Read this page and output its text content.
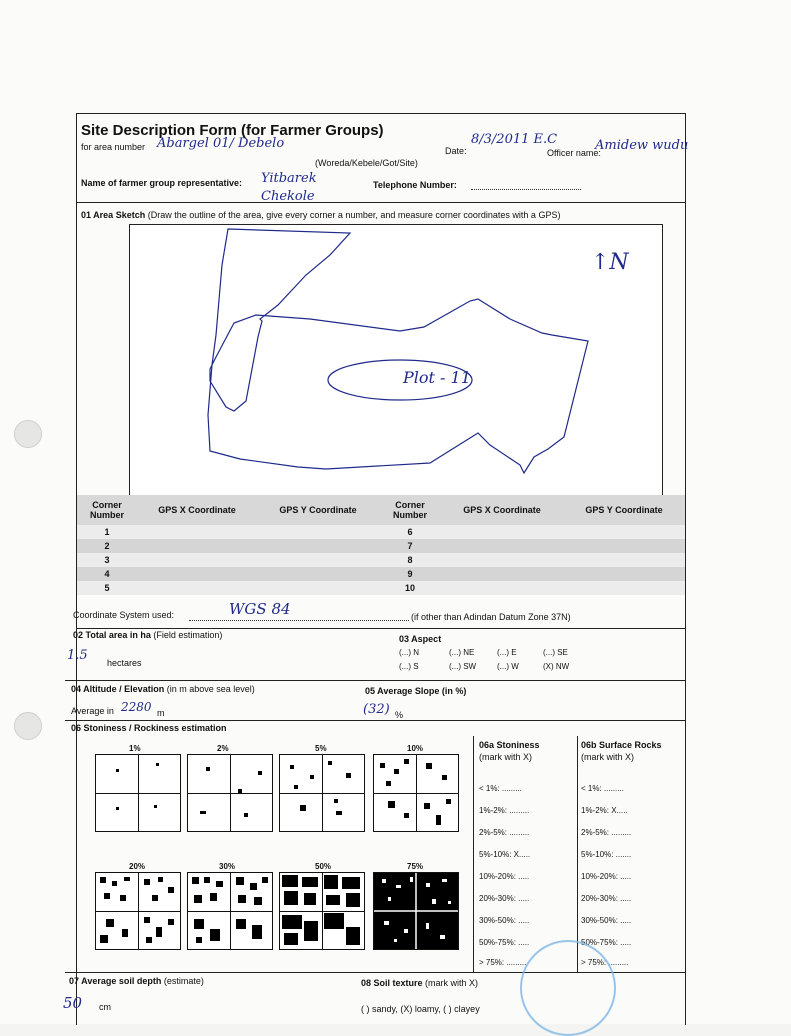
Site Description Form (for Farmer Groups)
for area number Abargel 01/ Debelo	Date:
8/3/2011 E.C
Officer name:
Amidew wudu
(Woreda/Kebele/Got/Site)
Name of farmer group representative: Yitbarek Chekole
Telephone Number:
01 Area Sketch (Draw the outline of the area, give every corner a number, and measure corner coordinates with a GPS)
Plot - 11
↑N
Corner Number	GPS X Coordinate	GPS Y Coordinate	Corner Number	GPS X Coordinate	GPS Y Coordinate
1			6		
2			7		
3			8		
4			9		
5			10		
Coordinate System used:	WGS 84	(if other than Adindan Datum Zone 37N)
02 Total area in ha (Field estimation)
1.5 hectares
03 Aspect
(...) N	(...) NE	(...) E	(...) SE
(...) S	(...) SW	(...) W	(X) NW
04 Altitude / Elevation (in m above sea level)
Average in 2280 m
05 Average Slope (in %)
(32) %
06 Stoniness / Rockiness estimation
1%	2%	5%	10%
20%	30%	50%	75%
06a Stoniness
(mark with X)
< 1%: .........
1%-2%: .........
2%-5%: .........
5%-10%: X.....
10%-20%: .....
20%-30%: .....
30%-50%: .....
50%-75%: .....
> 75%: .........
06b Surface Rocks
(mark with X)
< 1%: .........
1%-2%: X.....
2%-5%: .........
5%-10%: .......
10%-20%: .....
20%-30%: .....
30%-50%: .....
50%-75%: .....
> 75%: .........
07 Average soil depth (estimate)
50 cm
08 Soil texture (mark with X)
( ) sandy, (X) loamy, ( ) clayey
